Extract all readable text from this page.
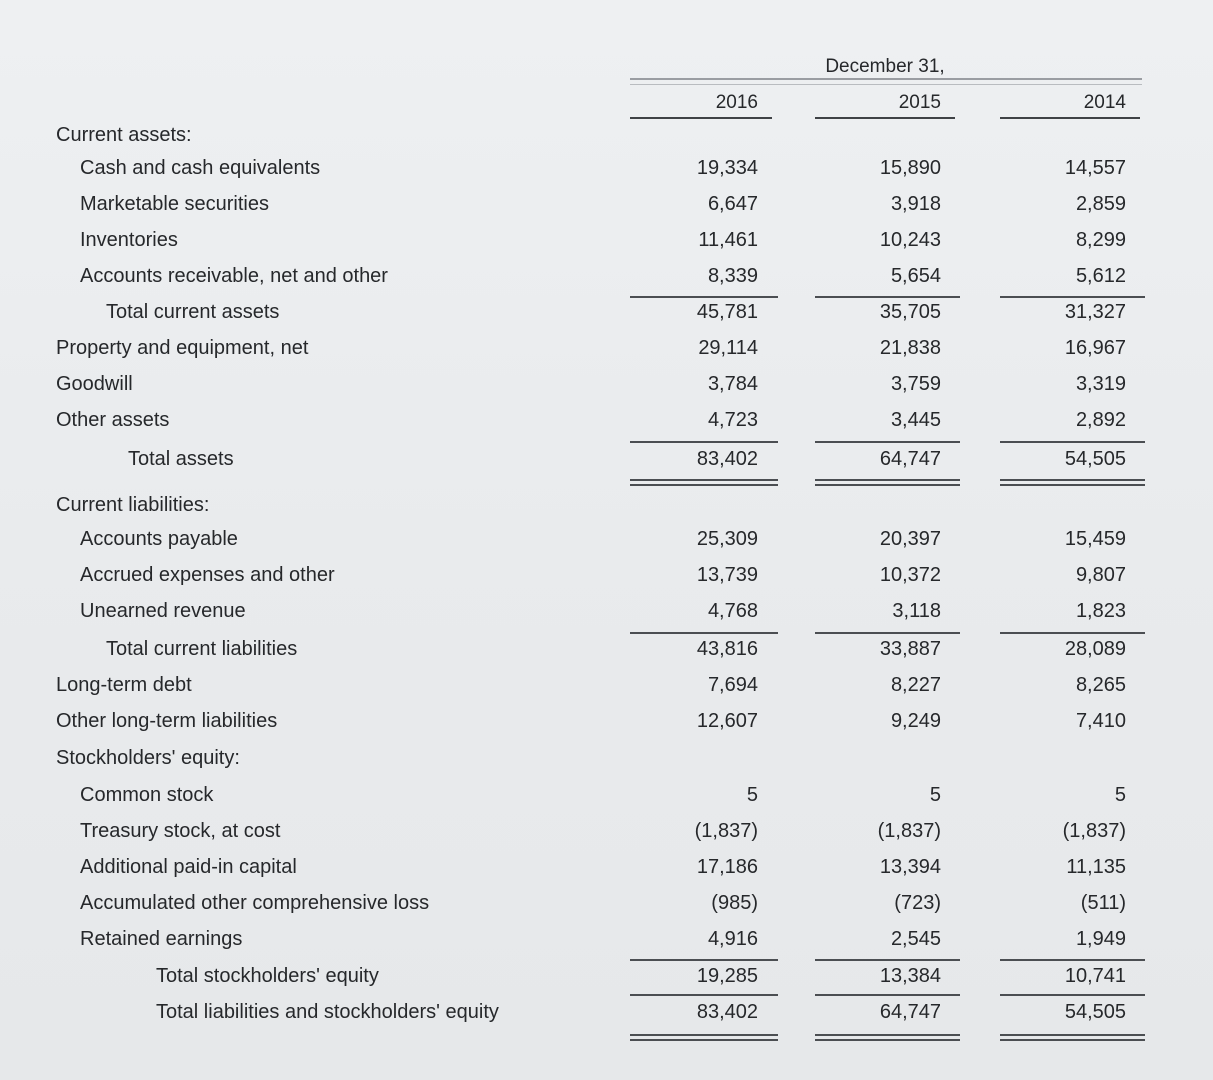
December 31,
2016	2015	2014
Current assets:
Cash and cash equivalents	19,334	15,890	14,557
Marketable securities	6,647	3,918	2,859
Inventories	11,461	10,243	8,299
Accounts receivable, net and other	8,339	5,654	5,612
Total current assets	45,781	35,705	31,327
Property and equipment, net	29,114	21,838	16,967
Goodwill	3,784	3,759	3,319
Other assets	4,723	3,445	2,892
Total assets	83,402	64,747	54,505
Current liabilities:
Accounts payable	25,309	20,397	15,459
Accrued expenses and other	13,739	10,372	9,807
Unearned revenue	4,768	3,118	1,823
Total current liabilities	43,816	33,887	28,089
Long-term debt	7,694	8,227	8,265
Other long-term liabilities	12,607	9,249	7,410
Stockholders' equity:
Common stock	5	5	5
Treasury stock, at cost	(1,837)	(1,837)	(1,837)
Additional paid-in capital	17,186	13,394	11,135
Accumulated other comprehensive loss	(985)	(723)	(511)
Retained earnings	4,916	2,545	1,949
Total stockholders' equity	19,285	13,384	10,741
Total liabilities and stockholders' equity	83,402	64,747	54,505
